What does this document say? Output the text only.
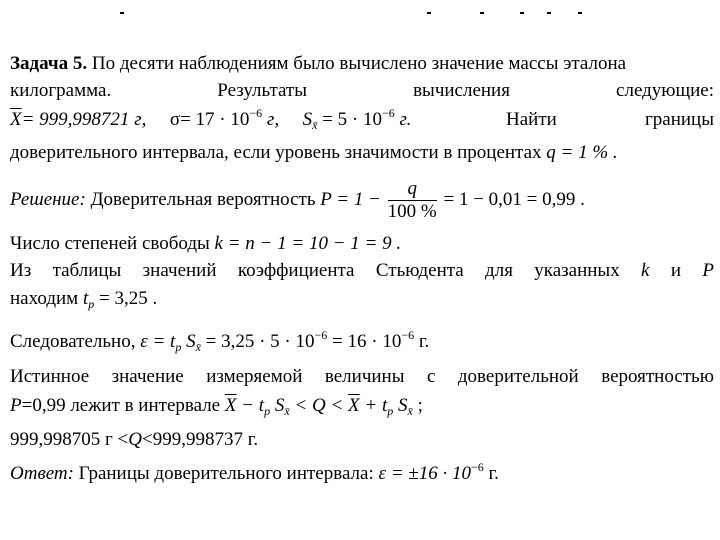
Задача 5. По десяти наблюдениям было вычислено значение массы эталона
килограмма.	Результаты	вычисления	следующие:
$\overline{X}= 999,998721$ г, $\sigma= 17 \cdot 10^{-6}$ г, $S_{x̄} = 5 \cdot 10^{-6}$ г.	Найти	границы
доверительного интервала, если уровень значимости в процентах q = 1 % .
Решение: Доверительная вероятность $P = 1 - \frac{q}{100 \%} = 1 - 0,01 = 0,99$ .
Число степеней свободы k = n − 1 = 10 − 1 = 9 .
Из таблицы значений коэффициента Стьюдента для указанных k и P
находим $t_p = 3,25$ .
Следовательно, $\varepsilon = t_p$ $S_{x̄} = 3,25 \cdot 5 \cdot 10^{-6} = 16 \cdot 10^{-6}$ г.
Истинное значение измеряемой величины с доверительной вероятностью
P=0,99 лежит в интервале $\overline{X} - t_p$ $S_{x̄} < Q < \overline{X} + t_p$ $S_{x̄}$ ;
999,998705 г <Q<999,998737 г.
Ответ: Границы доверительного интервала: $\varepsilon = \pm 16 \cdot 10^{-6}$ г.
